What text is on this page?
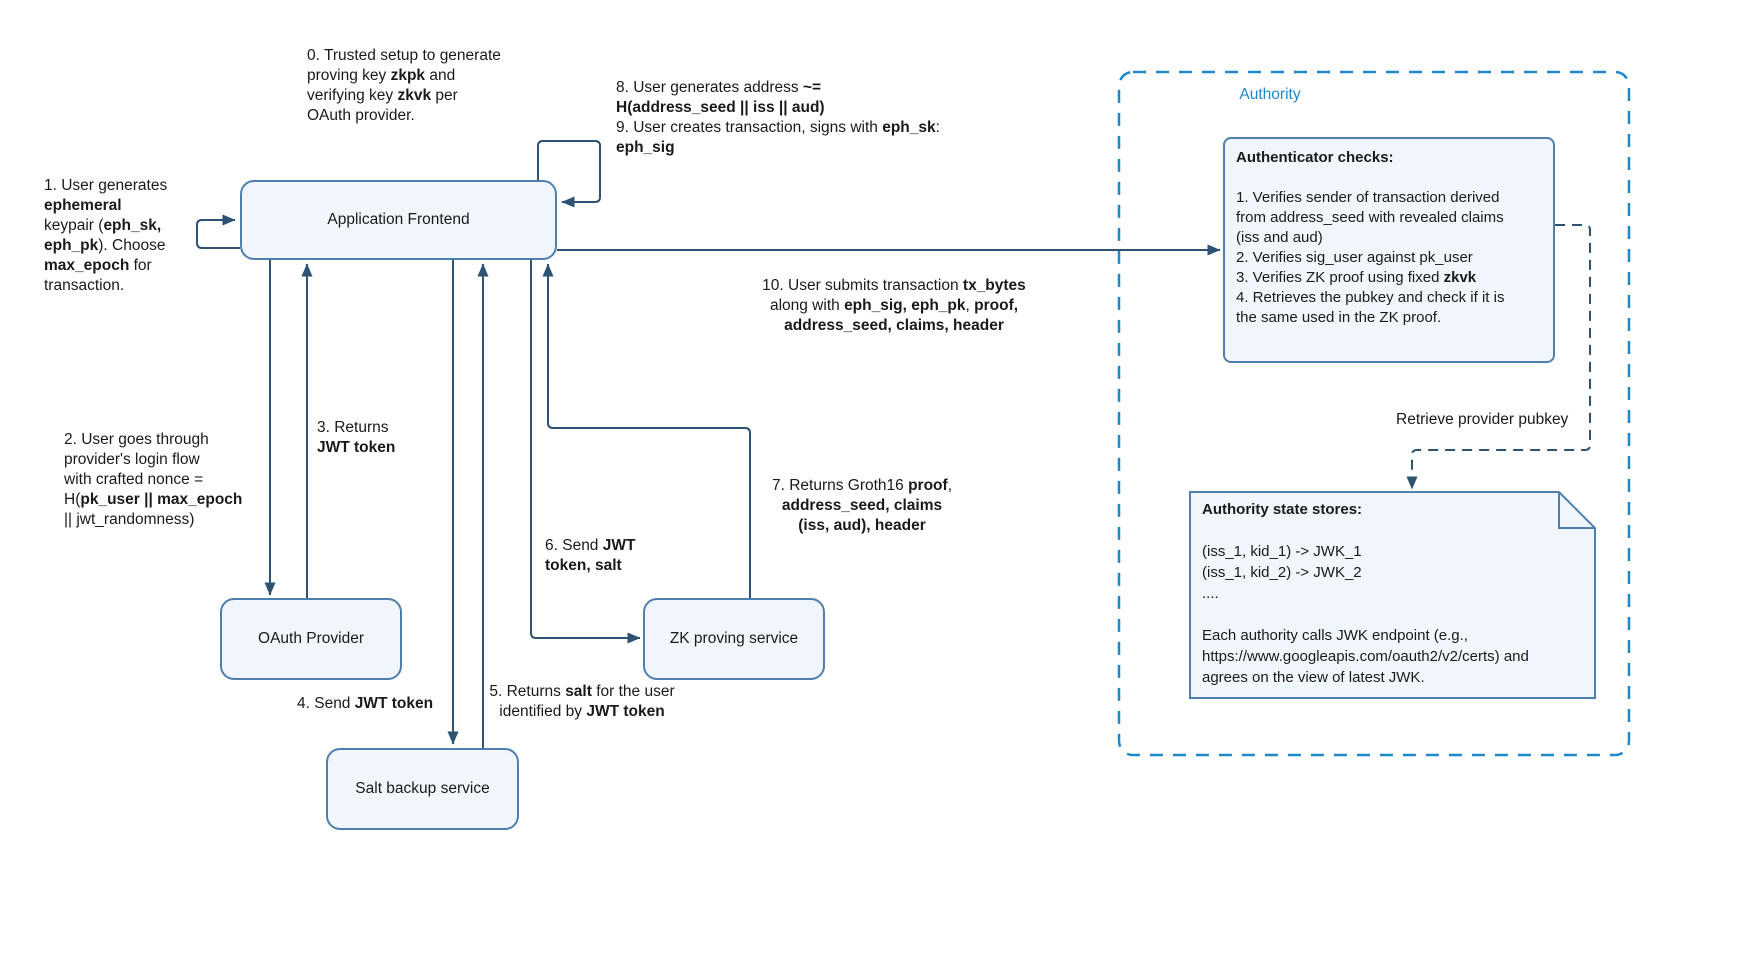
Application Frontend
OAuth Provider	ZK proving service
Salt backup service
Authority
Authenticator checks:
1. Verifies sender of transaction derived
from address_seed with revealed claims
(iss and aud)
2. Verifies sig_user against pk_user
3. Verifies ZK proof using fixed zkvk
4. Retrieves the pubkey and check if it is
the same used in the ZK proof.
Authority state stores:
(iss_1, kid_1) -> JWK_1
(iss_1, kid_2) -> JWK_2
....
Each authority calls JWK endpoint (e.g.,
https://www.googleapis.com/oauth2/v2/certs) and
agrees on the view of latest JWK.
Retrieve provider pubkey
0. Trusted setup to generate
proving key zkpk and
verifying key zkvk per
OAuth provider.
1. User generates
ephemeral
keypair (eph_sk,
eph_pk). Choose
max_epoch for
transaction.
2. User goes through
provider's login flow
with crafted nonce =
H(pk_user || max_epoch
|| jwt_randomness)
3. Returns
JWT token
4. Send JWT token
5. Returns salt for the user
identified by JWT token
6. Send JWT
token, salt
7. Returns Groth16 proof,
address_seed, claims
(iss, aud), header
8. User generates address ~=
H(address_seed || iss || aud)
9. User creates transaction, signs with eph_sk:
eph_sig
10. User submits transaction tx_bytes
along with eph_sig, eph_pk, proof,
address_seed, claims, header
